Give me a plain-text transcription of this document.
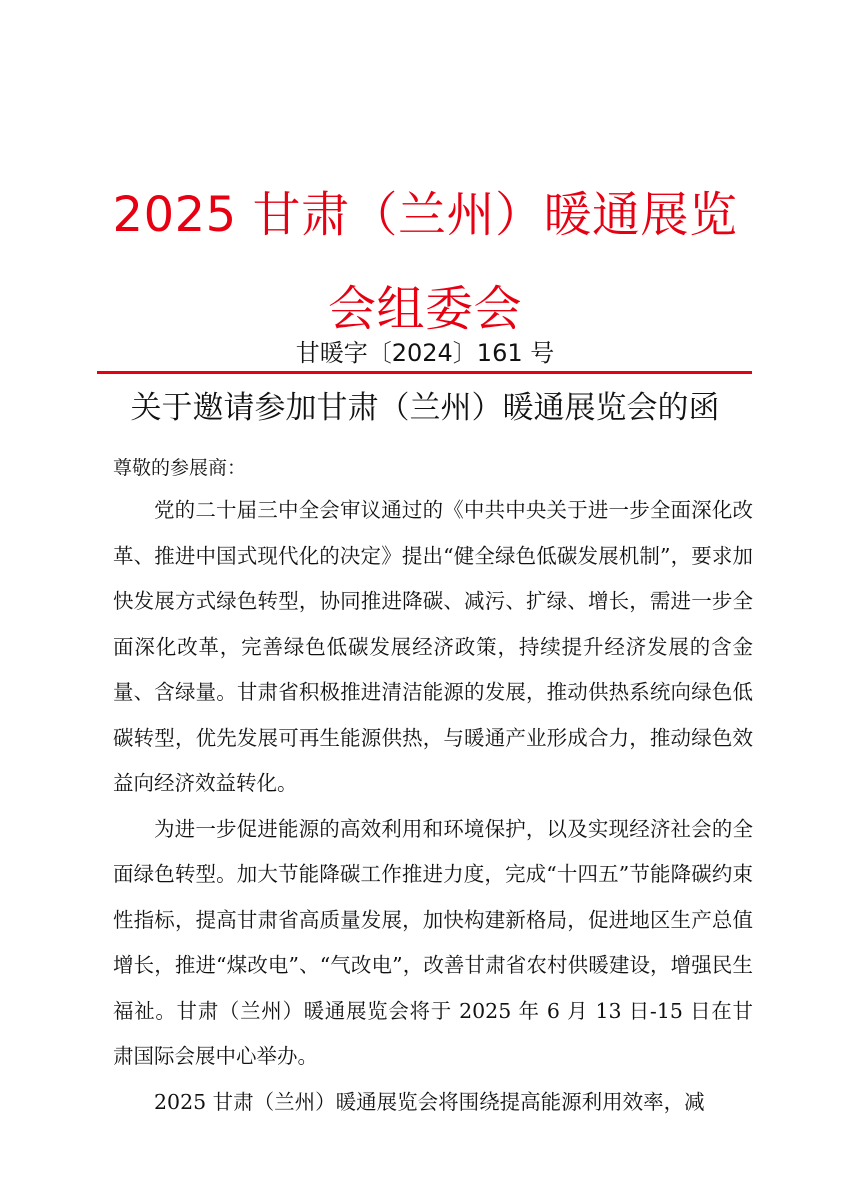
2025 甘肃（兰州）暖通展览会组委会
甘暖字〔2024〕161 号
关于邀请参加甘肃（兰州）暖通展览会的函
尊敬的参展商：

党的二十届三中全会审议通过的《中共中央关于进一步全面深化改革、推进中国式现代化的决定》提出“健全绿色低碳发展机制”，要求加快发展方式绿色转型，协同推进降碳、减污、扩绿、增长，需进一步全面深化改革，完善绿色低碳发展经济政策，持续提升经济发展的含金量、含绿量。甘肃省积极推进清洁能源的发展，推动供热系统向绿色低碳转型，优先发展可再生能源供热，与暖通产业形成合力，推动绿色效益向经济效益转化。

为进一步促进能源的高效利用和环境保护，以及实现经济社会的全面绿色转型。加大节能降碳工作推进力度，完成“十四五”节能降碳约束性指标，提高甘肃省高质量发展，加快构建新格局，促进地区生产总值增长，推进“煤改电”、“气改电”，改善甘肃省农村供暖建设，增强民生福祉。甘肃（兰州）暖通展览会将于 2025 年 6 月 13 日-15 日在甘肃国际会展中心举办。

2025 甘肃（兰州）暖通展览会将围绕提高能源利用效率，减
